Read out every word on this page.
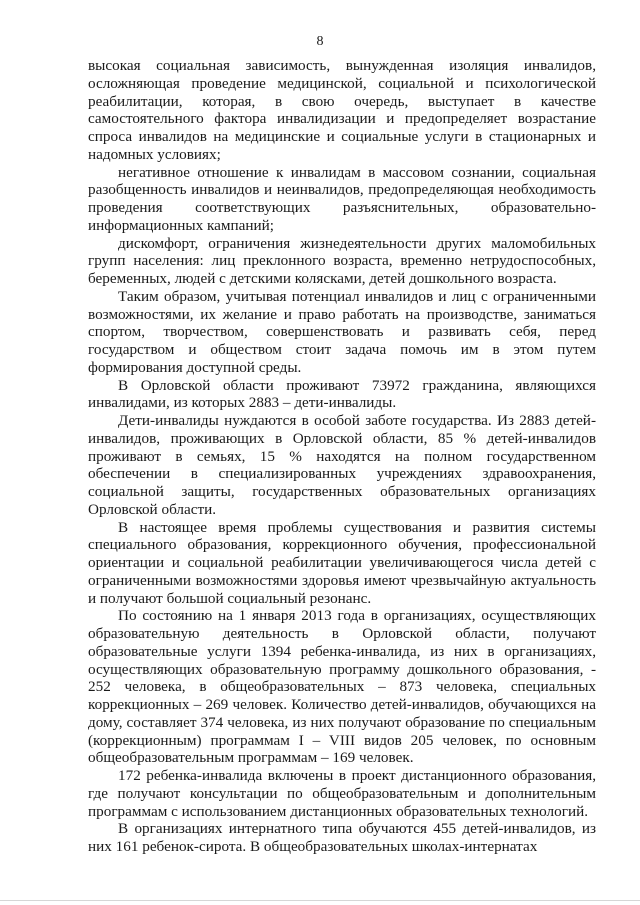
8

высокая социальная зависимость, вынужденная изоляция инвалидов, осложняющая проведение медицинской, социальной и психологической реабилитации, которая, в свою очередь, выступает в качестве самостоятельного фактора инвалидизации и предопределяет возрастание спроса инвалидов на медицинские и социальные услуги в стационарных и надомных условиях;

негативное отношение к инвалидам в массовом сознании, социальная разобщенность инвалидов и неинвалидов, предопределяющая необходимость проведения соответствующих разъяснительных, образовательно-информационных кампаний;

дискомфорт, ограничения жизнедеятельности других маломобильных групп населения: лиц преклонного возраста, временно нетрудоспособных, беременных, людей с детскими колясками, детей дошкольного возраста.

Таким образом, учитывая потенциал инвалидов и лиц с ограниченными возможностями, их желание и право работать на производстве, заниматься спортом, творчеством, совершенствовать и развивать себя, перед государством и обществом стоит задача помочь им в этом путем формирования доступной среды.

В Орловской области проживают 73972 гражданина, являющихся инвалидами, из которых 2883 – дети-инвалиды.

Дети-инвалиды нуждаются в особой заботе государства. Из 2883 детей-инвалидов, проживающих в Орловской области, 85 % детей-инвалидов проживают в семьях, 15 % находятся на полном государственном обеспечении в специализированных учреждениях здравоохранения, социальной защиты, государственных образовательных организациях Орловской области.

В настоящее время проблемы существования и развития системы специального образования, коррекционного обучения, профессиональной ориентации и социальной реабилитации увеличивающегося числа детей с ограниченными возможностями здоровья имеют чрезвычайную актуальность и получают большой социальный резонанс.

По состоянию на 1 января 2013 года в организациях, осуществляющих образовательную деятельность в Орловской области, получают образовательные услуги 1394 ребенка-инвалида, из них в организациях, осуществляющих образовательную программу дошкольного образования, - 252 человека, в общеобразовательных – 873 человека, специальных коррекционных – 269 человек. Количество детей-инвалидов, обучающихся на дому, составляет 374 человека, из них получают образование по специальным (коррекционным) программам I – VIII видов 205 человек, по основным общеобразовательным программам – 169 человек.

172 ребенка-инвалида включены в проект дистанционного образования, где получают консультации по общеобразовательным и дополнительным программам с использованием дистанционных образовательных технологий.

В организациях интернатного типа обучаются 455 детей-инвалидов, из них 161 ребенок-сирота. В общеобразовательных школах-интернатах
